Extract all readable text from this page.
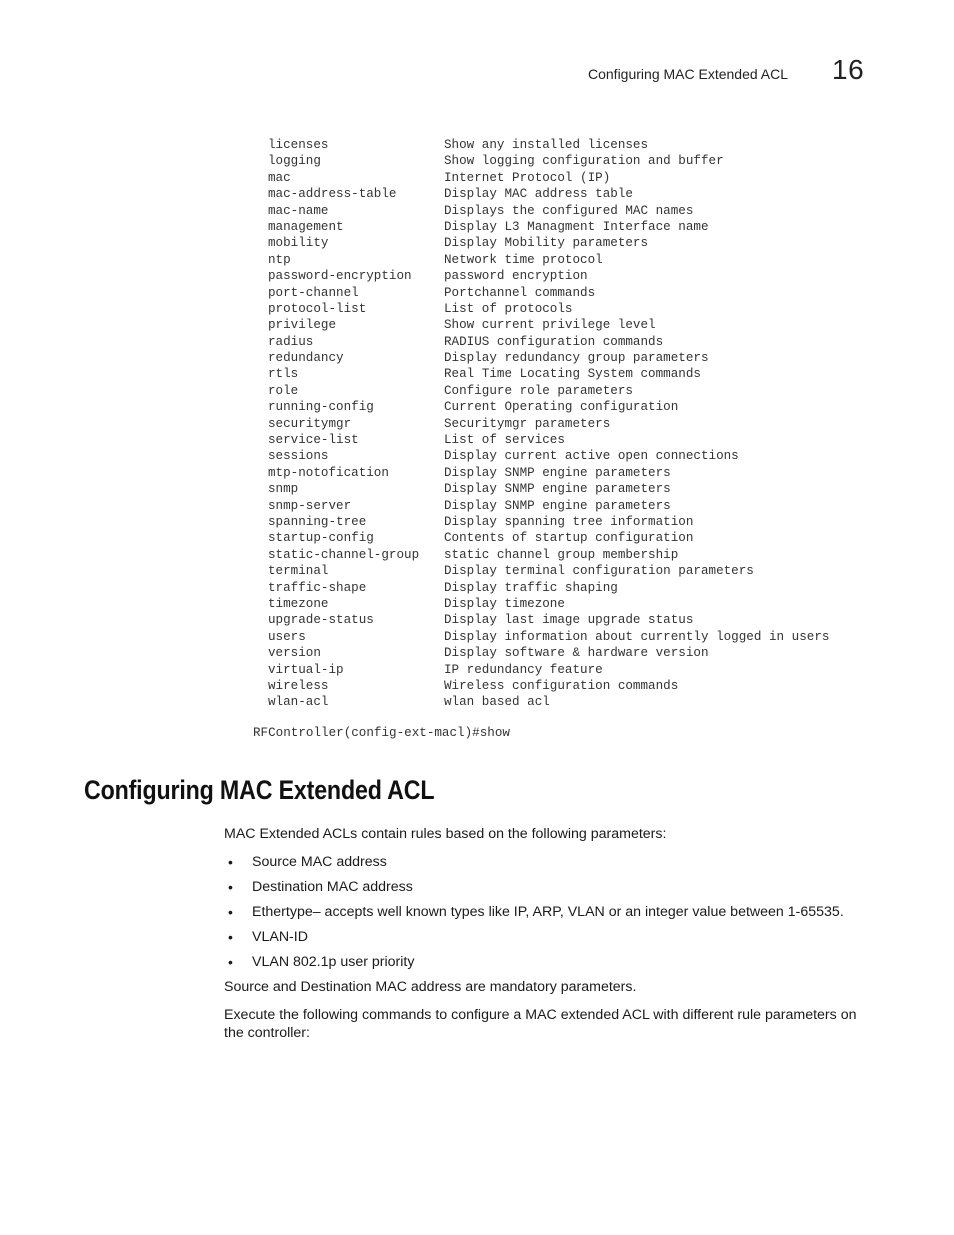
Configuring MAC Extended ACL 16
licenses	Show any installed licenses
logging	Show logging configuration and buffer
mac	Internet Protocol (IP)
mac-address-table	Display MAC address table
mac-name	Displays the configured MAC names
management	Display L3 Managment Interface name
mobility	Display Mobility parameters
ntp	Network time protocol
password-encryption	password encryption
port-channel	Portchannel commands
protocol-list	List of protocols
privilege	Show current privilege level
radius	RADIUS configuration commands
redundancy	Display redundancy group parameters
rtls	Real Time Locating System commands
role	Configure role parameters
running-config	Current Operating configuration
securitymgr	Securitymgr parameters
service-list	List of services
sessions	Display current active open connections
mtp-notofication	Display SNMP engine parameters
snmp	Display SNMP engine parameters
snmp-server	Display SNMP engine parameters
spanning-tree	Display spanning tree information
startup-config	Contents of startup configuration
static-channel-group static channel group membership
terminal	Display terminal configuration parameters
traffic-shape	Display traffic shaping
timezone	Display timezone
upgrade-status	Display last image upgrade status
users	Display information about currently logged in users
version	Display software & hardware version
virtual-ip	IP redundancy feature
wireless	Wireless configuration commands
wlan-acl	wlan based acl
RFController(config-ext-macl)#show
Configuring MAC Extended ACL
MAC Extended ACLs contain rules based on the following parameters:
• Source MAC address
• Destination MAC address
• Ethertype– accepts well known types like IP, ARP, VLAN or an integer value between 1-65535.
• VLAN-ID
• VLAN 802.1p user priority
Source and Destination MAC address are mandatory parameters.
Execute the following commands to configure a MAC extended ACL with different rule parameters on the controller:
